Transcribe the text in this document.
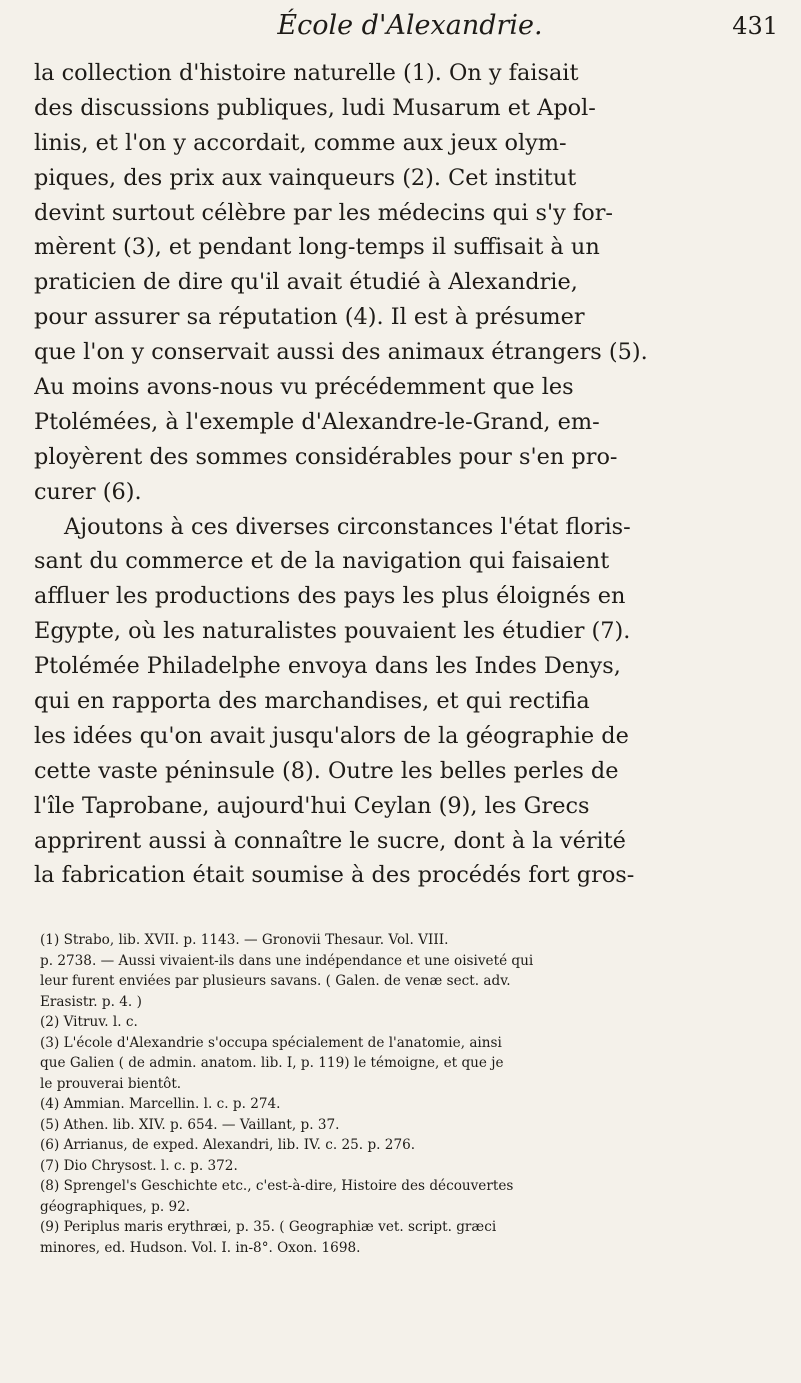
École d'Alexandrie.	431
la collection d'histoire naturelle (1). On y faisait
des discussions publiques, ludi Musarum et Apol-
linis, et l'on y accordait, comme aux jeux olym-
piques, des prix aux vainqueurs (2). Cet institut
devint surtout célèbre par les médecins qui s'y for-
mèrent (3), et pendant long-temps il suffisait à un
praticien de dire qu'il avait étudié à Alexandrie,
pour assurer sa réputation (4). Il est à présumer
que l'on y conservait aussi des animaux étrangers (5).
Au moins avons-nous vu précédemment que les
Ptolémées, à l'exemple d'Alexandre-le-Grand, em-
ployèrent des sommes considérables pour s'en pro-
curer (6).
Ajoutons à ces diverses circonstances l'état floris-
sant du commerce et de la navigation qui faisaient
affluer les productions des pays les plus éloignés en
Egypte, où les naturalistes pouvaient les étudier (7).
Ptolémée Philadelphe envoya dans les Indes Denys,
qui en rapporta des marchandises, et qui rectifia
les idées qu'on avait jusqu'alors de la géographie de
cette vaste péninsule (8). Outre les belles perles de
l'île Taprobane, aujourd'hui Ceylan (9), les Grecs
apprirent aussi à connaître le sucre, dont à la vérité
la fabrication était soumise à des procédés fort gros-
(1) Strabo, lib. XVII. p. 1143. — Gronovii Thesaur. Vol. VIII.
p. 2738. — Aussi vivaient-ils dans une indépendance et une oisiveté qui
leur furent enviées par plusieurs savans. ( Galen. de venæ sect. adv.
Erasistr. p. 4. )
(2) Vitruv. l. c.
(3) L'école d'Alexandrie s'occupa spécialement de l'anatomie, ainsi
que Galien ( de admin. anatom. lib. I, p. 119) le témoigne, et que je
le prouverai bientôt.
(4) Ammian. Marcellin. l. c. p. 274.
(5) Athen. lib. XIV. p. 654. — Vaillant, p. 37.
(6) Arrianus, de exped. Alexandri, lib. IV. c. 25. p. 276.
(7) Dio Chrysost. l. c. p. 372.
(8) Sprengel's Geschichte etc., c'est-à-dire, Histoire des découvertes
géographiques, p. 92.
(9) Periplus maris erythræi, p. 35. ( Geographiæ vet. script. græci
minores, ed. Hudson. Vol. I. in-8°. Oxon. 1698.
